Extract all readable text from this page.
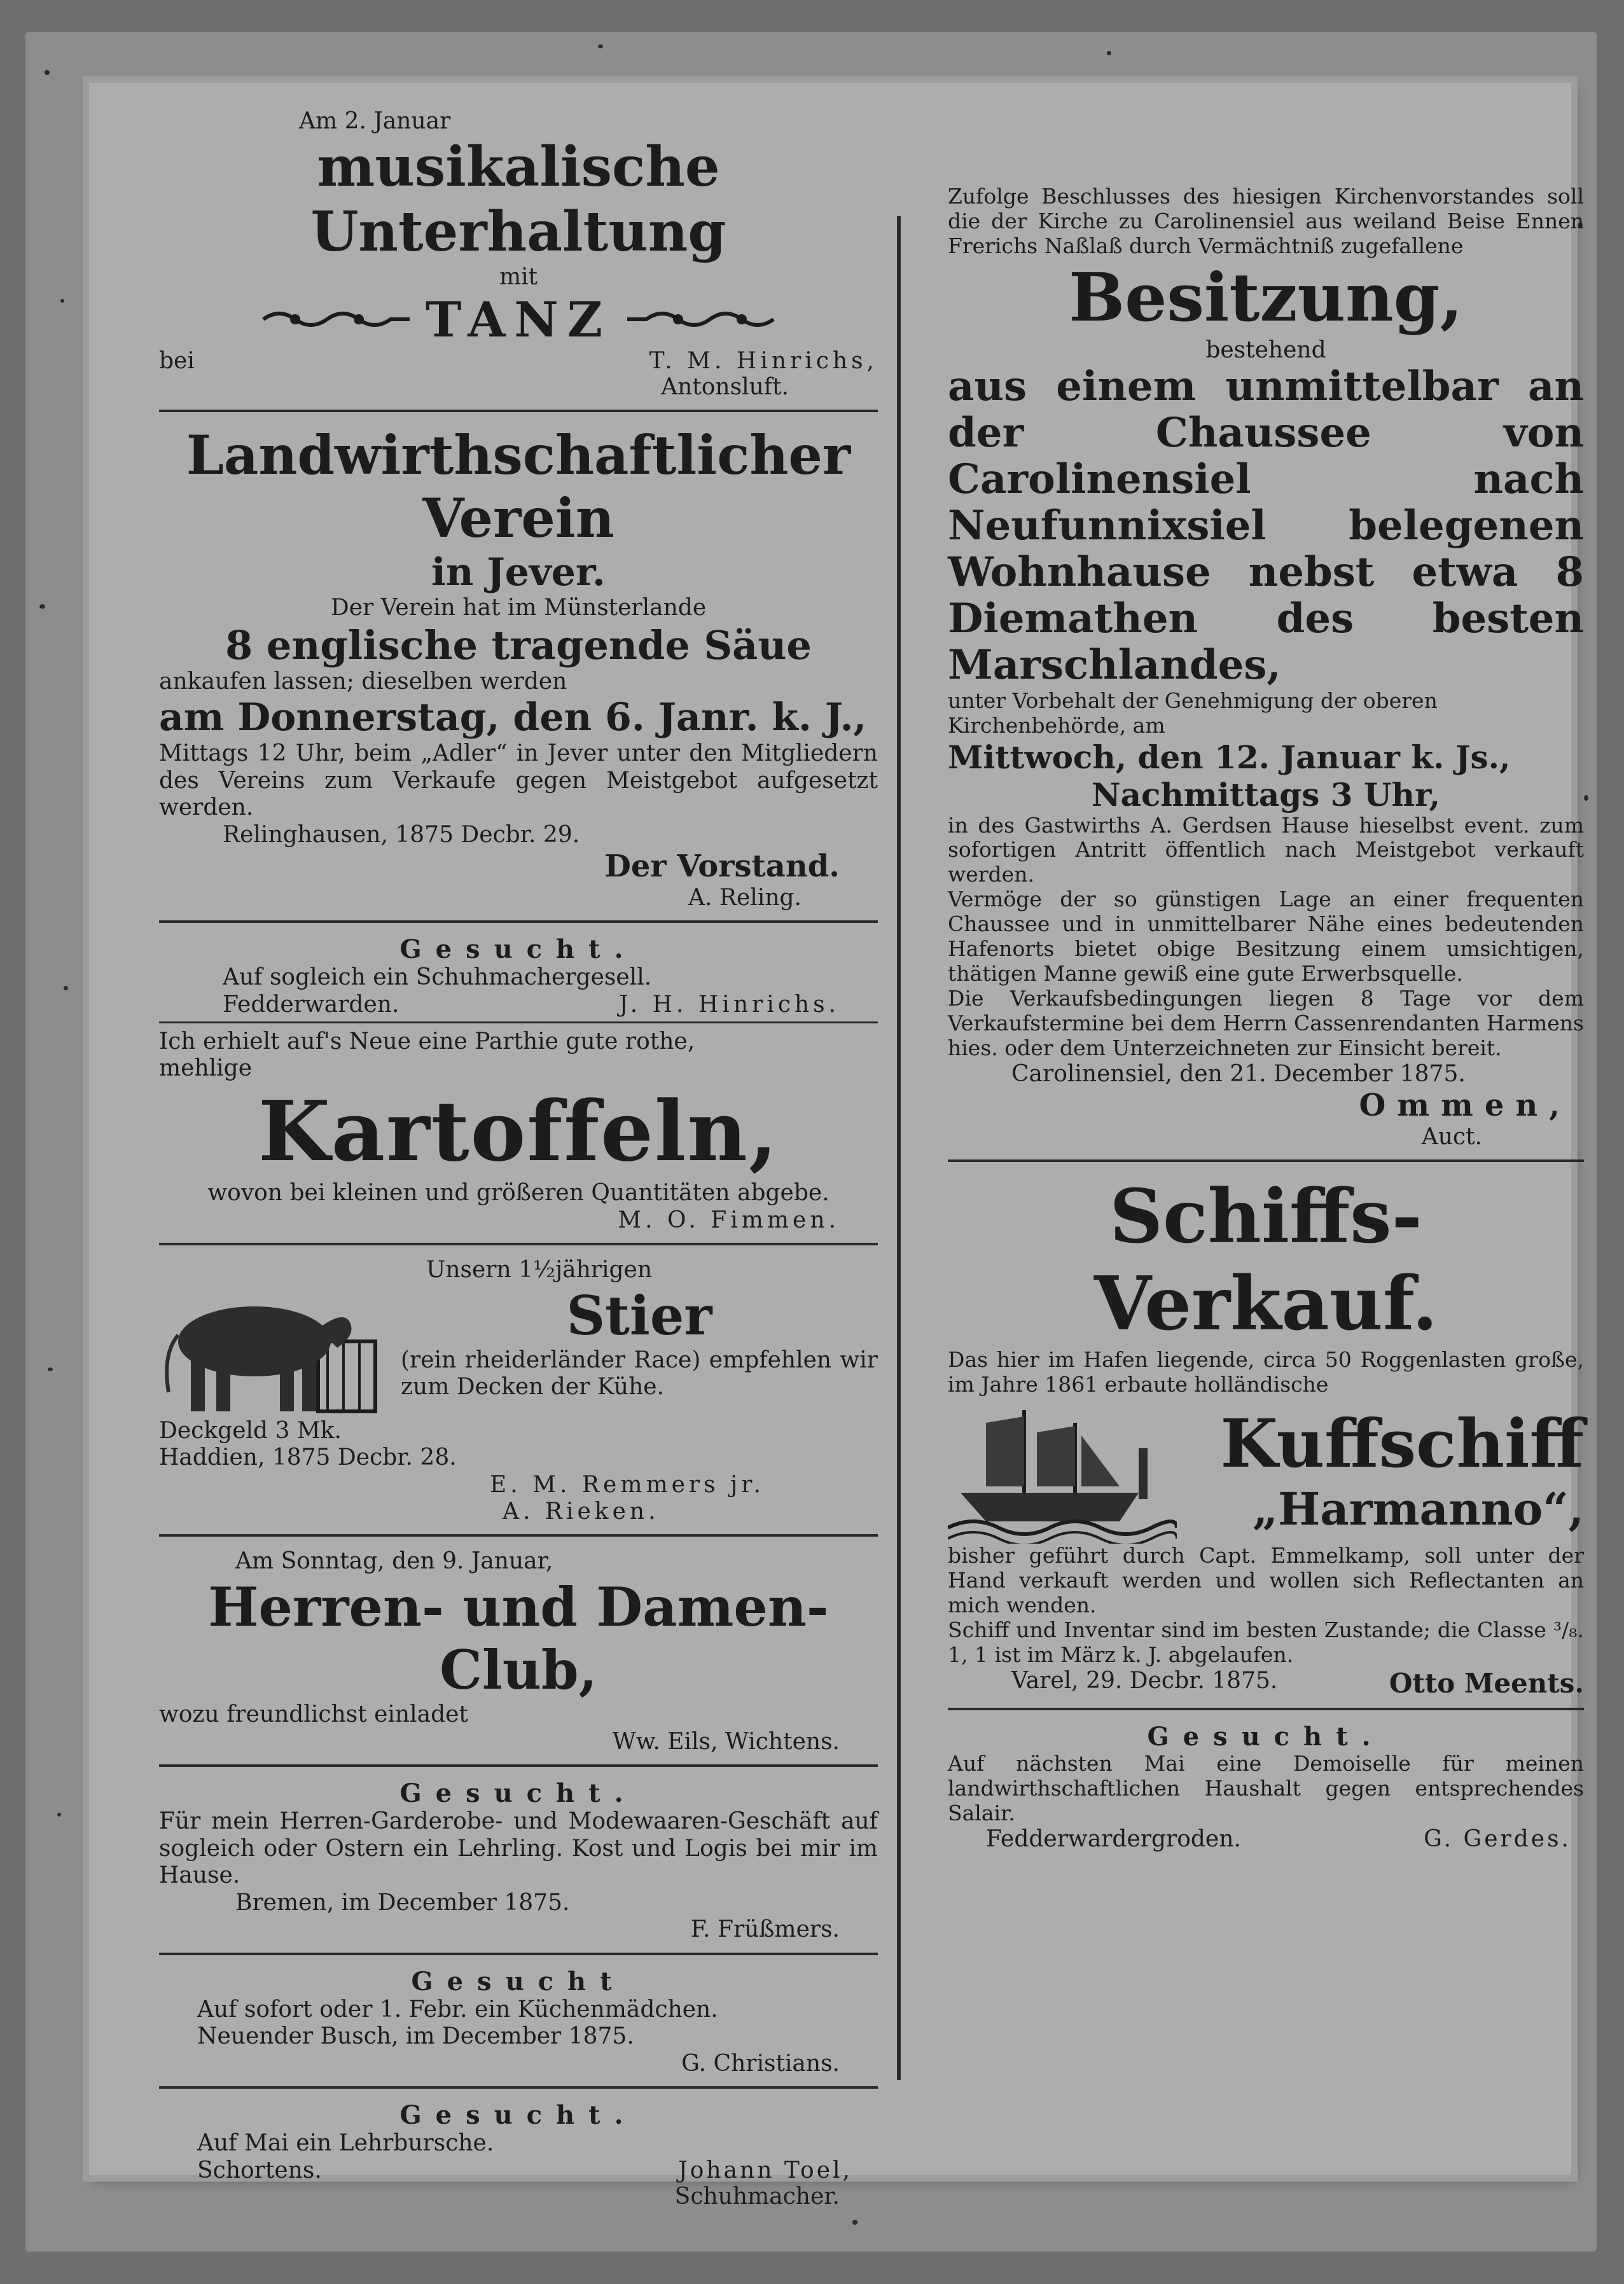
Am 2. Januar
musikalische Unterhaltung
mit
TANZ
bei	T. M. Hinrichs,
Antonsluft.
Landwirthschaftlicher Verein
in Jever.
Der Verein hat im Münsterlande
8 englische tragende Säue
ankaufen lassen; dieselben werden
am Donnerstag, den 6. Janr. k. J.,
Mittags 12 Uhr, beim „Adler“ in Jever unter den Mitgliedern des Vereins zum Verkaufe gegen Meistgebot aufgesetzt werden.
Relinghausen, 1875 Decbr. 29.
Der Vorstand.
A. Reling.
Gesucht.
Auf sogleich ein Schuhmachergesell.
Fedderwarden.	J. H. Hinrichs.
Ich erhielt auf's Neue eine Parthie gute rothe,
mehlige
Kartoffeln,
wovon bei kleinen und größeren Quantitäten abgebe.
M. O. Fimmen.
Unsern 1½jährigen
Stier
(rein rheiderländer Race) empfehlen wir zum Decken der Kühe.
Deckgeld 3 Mk.
Haddien, 1875 Decbr. 28.
E. M. Remmers jr.
A. Rieken.
Am Sonntag, den 9. Januar,
Herren- und Damen-Club,
wozu freundlichst einladet
Ww. Eils, Wichtens.
Gesucht.
Für mein Herren-Garderobe- und Modewaaren-Geschäft auf sogleich oder Ostern ein Lehrling. Kost und Logis bei mir im Hause.
Bremen, im December 1875.
F. Früßmers.
Gesucht
Auf sofort oder 1. Febr. ein Küchenmädchen.
Neuender Busch, im December 1875.
G. Christians.
Gesucht.
Auf Mai ein Lehrbursche.
Schortens.	Johann Toel,
Schuhmacher.
Zufolge Beschlusses des hiesigen Kirchenvorstandes soll die der Kirche zu Carolinensiel aus weiland Beise Ennen Frerichs Naßlaß durch Vermächtniß zugefallene
Besitzung,
bestehend
aus einem unmittelbar an der Chaussee von Carolinensiel nach Neufunnixsiel belegenen Wohnhause nebst etwa 8 Diemathen des besten Marschlandes,
unter Vorbehalt der Genehmigung der oberen Kirchenbehörde, am
Mittwoch, den 12. Januar k. Js.,
Nachmittags 3 Uhr,
in des Gastwirths A. Gerdsen Hause hieselbst event. zum sofortigen Antritt öffentlich nach Meistgebot verkauft werden.
Vermöge der so günstigen Lage an einer frequenten Chaussee und in unmittelbarer Nähe eines bedeutenden Hafenorts bietet obige Besitzung einem umsichtigen, thätigen Manne gewiß eine gute Erwerbsquelle.
Die Verkaufsbedingungen liegen 8 Tage vor dem Verkaufstermine bei dem Herrn Cassenrendanten Harmens hies. oder dem Unterzeichneten zur Einsicht bereit.
Carolinensiel, den 21. December 1875.
Ommen,
Auct.
Schiffs-Verkauf.
Das hier im Hafen liegende, circa 50 Roggenlasten große, im Jahre 1861 erbaute holländische
Kuffschiff
„Harmanno“,
bisher geführt durch Capt. Emmelkamp, soll unter der Hand verkauft werden und wollen sich Reflectanten an mich wenden.
Schiff und Inventar sind im besten Zustande; die Classe ³/₈. 1, 1 ist im März k. J. abgelaufen.
Varel, 29. Decbr. 1875.	Otto Meents.
Gesucht.
Auf nächsten Mai eine Demoiselle für meinen landwirthschaftlichen Haushalt gegen entsprechendes Salair.
Fedderwardergroden.	G. Gerdes.
